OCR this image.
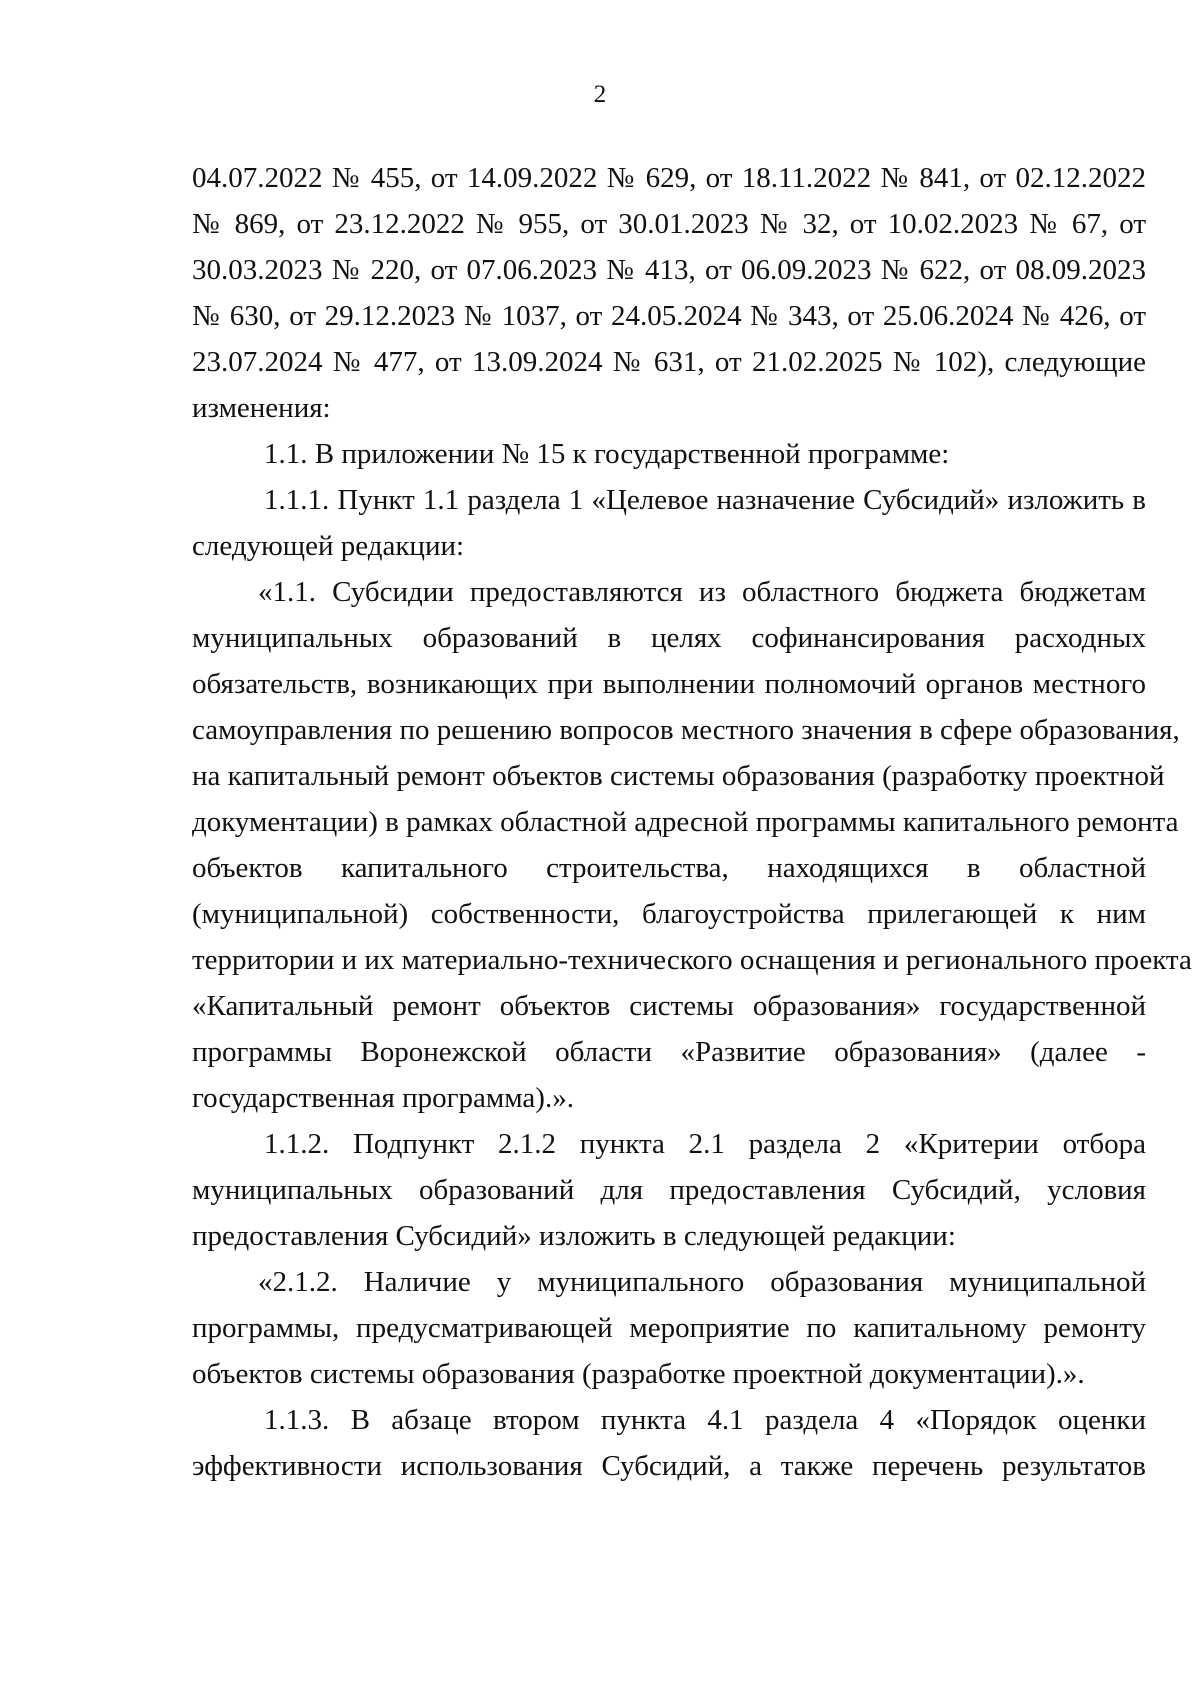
2
04.07.2022 № 455, от 14.09.2022 № 629, от 18.11.2022 № 841, от 02.12.2022
№ 869, от 23.12.2022 № 955, от 30.01.2023 № 32, от 10.02.2023 № 67, от
30.03.2023 № 220, от 07.06.2023 № 413, от 06.09.2023 № 622, от 08.09.2023
№ 630, от 29.12.2023 № 1037, от 24.05.2024 № 343, от 25.06.2024 № 426, от
23.07.2024 № 477, от 13.09.2024 № 631, от 21.02.2025 № 102), следующие
изменения:
1.1. В приложении № 15 к государственной программе:
1.1.1. Пункт 1.1 раздела 1 «Целевое назначение Субсидий» изложить в
следующей редакции:
«1.1. Субсидии предоставляются из областного бюджета бюджетам
муниципальных образований в целях софинансирования расходных
обязательств, возникающих при выполнении полномочий органов местного
самоуправления по решению вопросов местного значения в сфере образования,
на капитальный ремонт объектов системы образования (разработку проектной
документации) в рамках областной адресной программы капитального ремонта
объектов капитального строительства, находящихся в областной
(муниципальной) собственности, благоустройства прилегающей к ним
территории и их материально-технического оснащения и регионального проекта
«Капитальный ремонт объектов системы образования» государственной
программы Воронежской области «Развитие образования» (далее -
государственная программа).».
1.1.2. Подпункт 2.1.2 пункта 2.1 раздела 2 «Критерии отбора
муниципальных образований для предоставления Субсидий, условия
предоставления Субсидий» изложить в следующей редакции:
«2.1.2. Наличие у муниципального образования муниципальной
программы, предусматривающей мероприятие по капитальному ремонту
объектов системы образования (разработке проектной документации).».
1.1.3. В абзаце втором пункта 4.1 раздела 4 «Порядок оценки
эффективности использования Субсидий, а также перечень результатов
